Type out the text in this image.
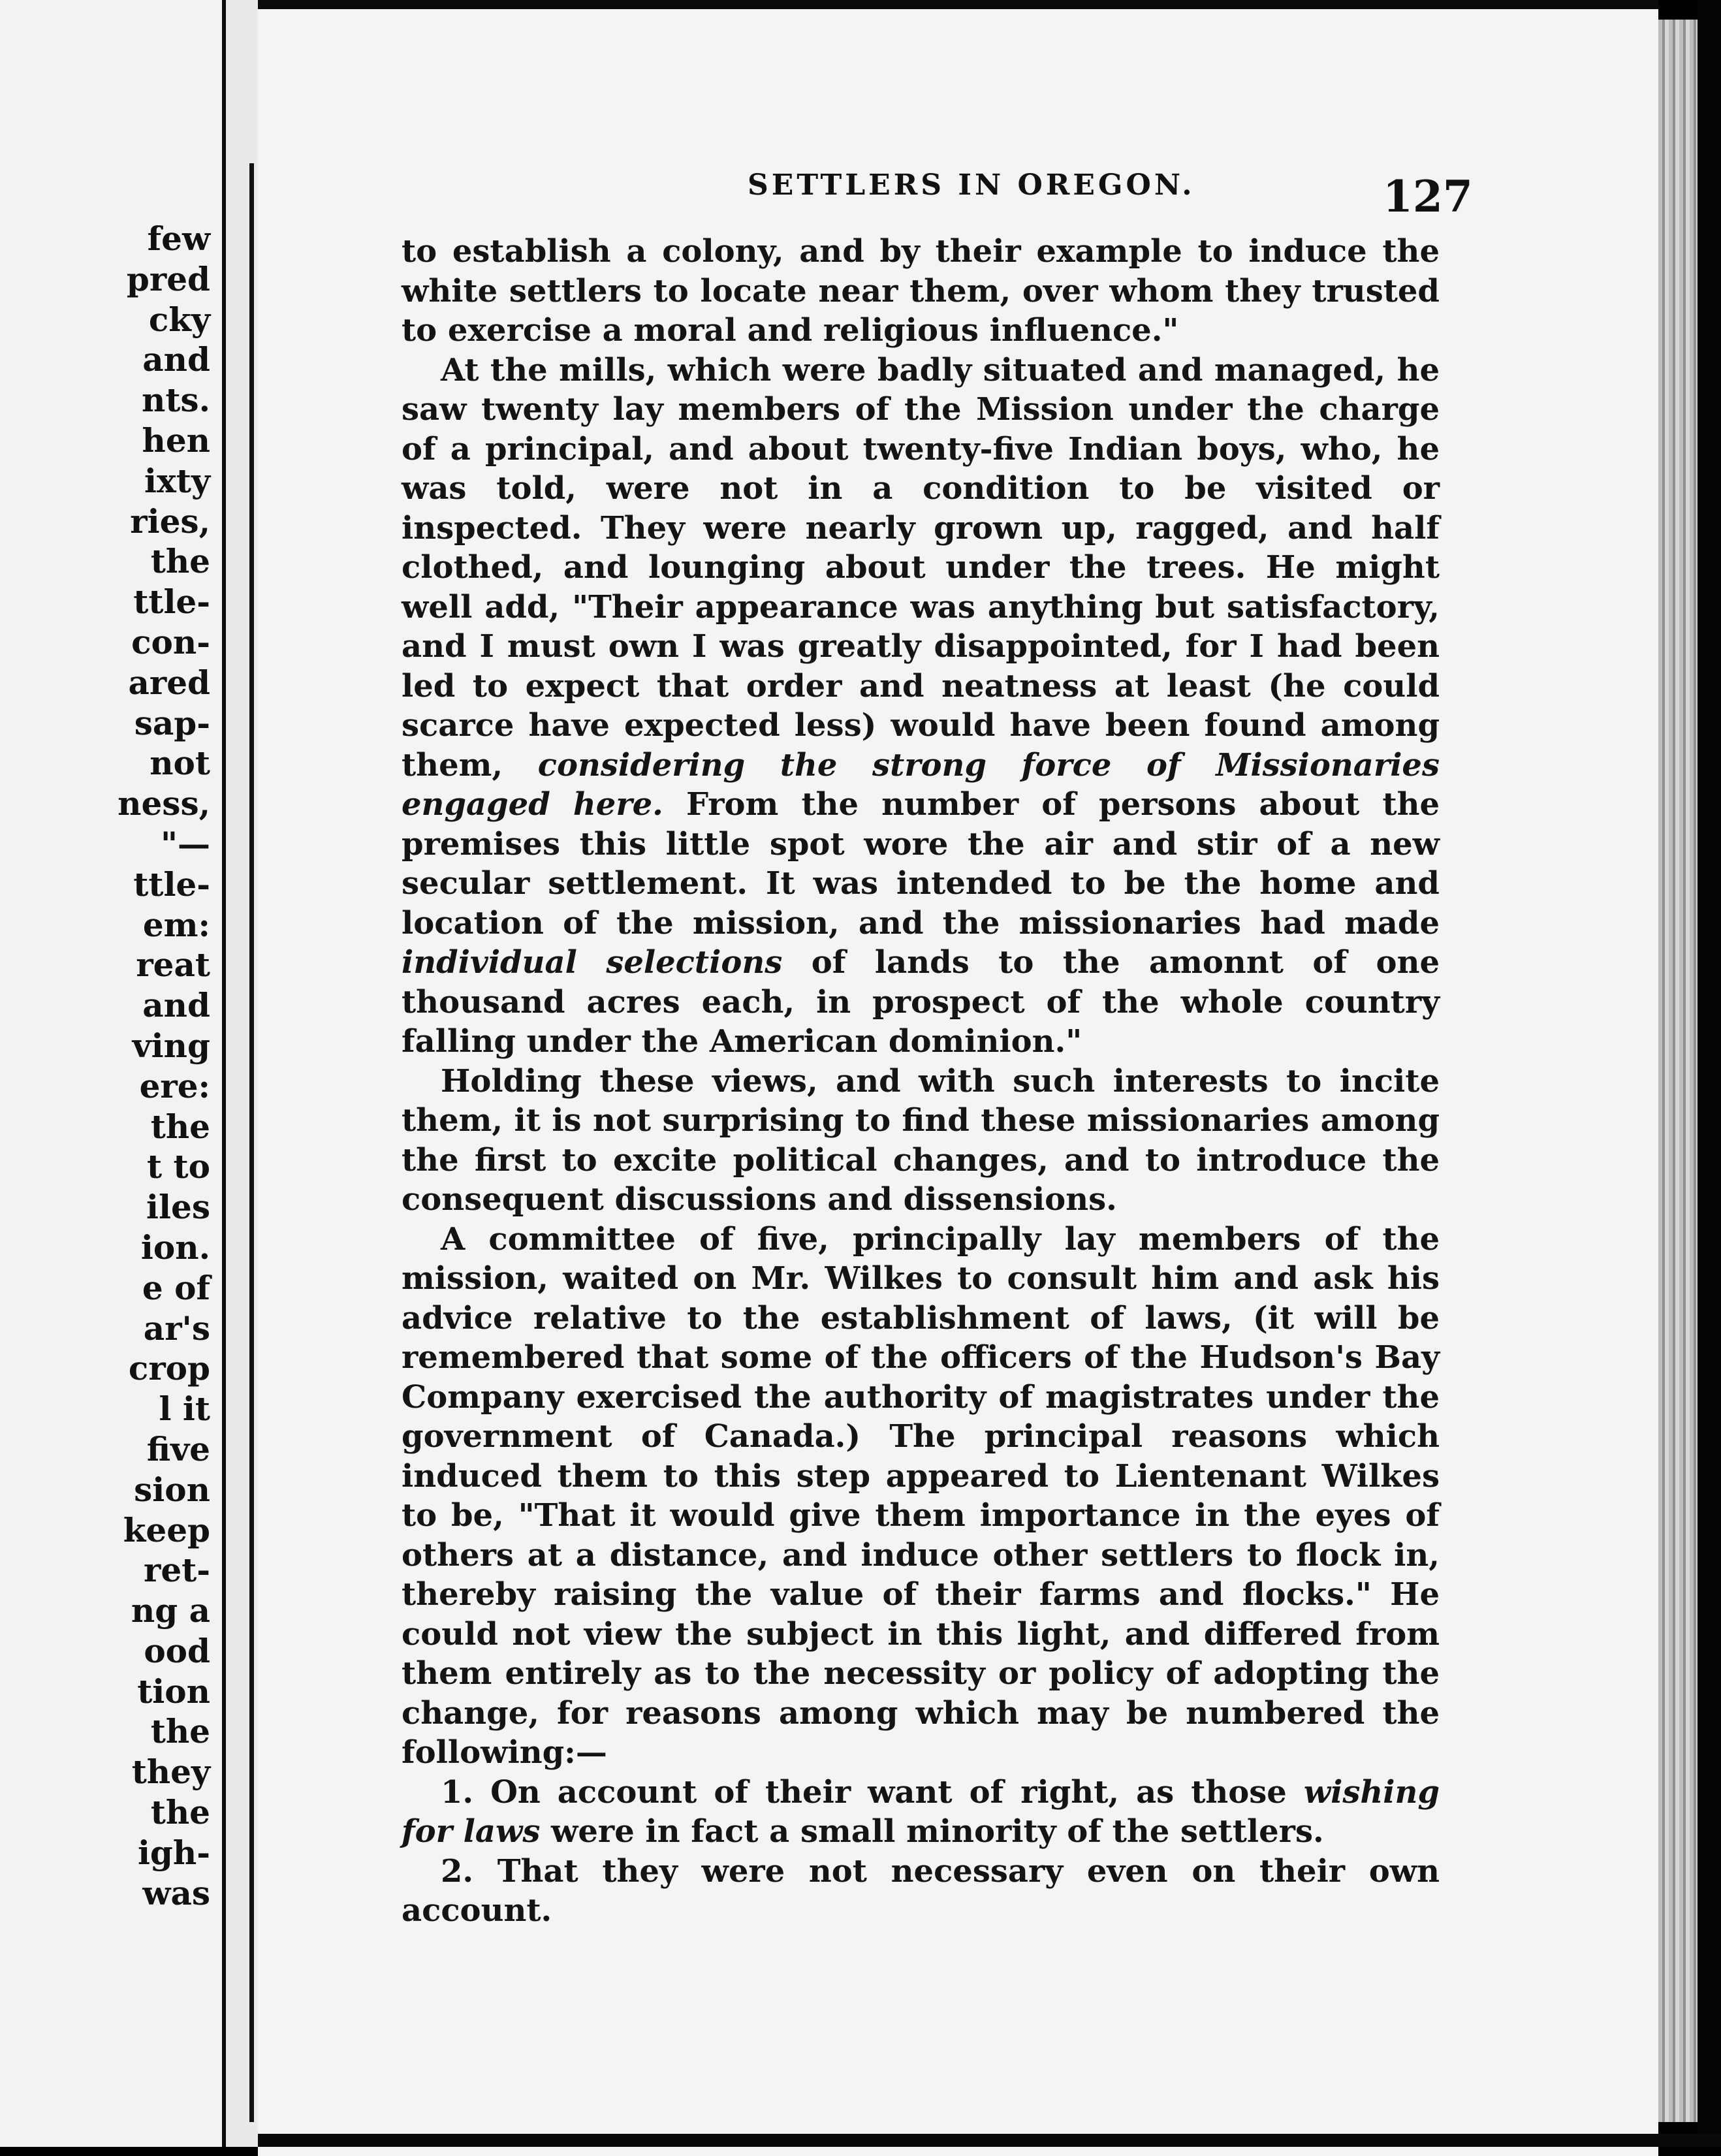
few
pred
cky
and
nts.
hen
ixty
ries,
the
ttle-
con-
ared
sap-
not
ness,
"—
ttle-
em:
reat
and
ving
ere:
the
t to
iles
ion.
e of
ar's
crop
l it
five
sion
keep
ret-
ng a
ood
tion
the
they
the
igh-
was
SETTLERS IN OREGON.	127

to establish a colony, and by their example to induce the white settlers to locate near them, over whom they trusted to exercise a moral and religious influence."

At the mills, which were badly situated and managed, he saw twenty lay members of the Mission under the charge of a principal, and about twenty-five Indian boys, who, he was told, were not in a condition to be visited or inspected. They were nearly grown up, ragged, and half clothed, and lounging about under the trees. He might well add, "Their appearance was anything but satisfactory, and I must own I was greatly disappointed, for I had been led to expect that order and neatness at least (he could scarce have expected less) would have been found among them, considering the strong force of Missionaries engaged here. From the number of persons about the premises this little spot wore the air and stir of a new secular settlement. It was intended to be the home and location of the mission, and the missionaries had made individual selections of lands to the amonnt of one thousand acres each, in prospect of the whole country falling under the American dominion."

Holding these views, and with such interests to incite them, it is not surprising to find these missionaries among the first to excite political changes, and to introduce the consequent discussions and dissensions.

A committee of five, principally lay members of the mission, waited on Mr. Wilkes to consult him and ask his advice relative to the establishment of laws, (it will be remembered that some of the officers of the Hudson's Bay Company exercised the authority of magistrates under the government of Canada.) The principal reasons which induced them to this step appeared to Lientenant Wilkes to be, "That it would give them importance in the eyes of others at a distance, and induce other settlers to flock in, thereby raising the value of their farms and flocks." He could not view the subject in this light, and differed from them entirely as to the necessity or policy of adopting the change, for reasons among which may be numbered the following:—

1. On account of their want of right, as those wishing for laws were in fact a small minority of the settlers.

2. That they were not necessary even on their own account.
